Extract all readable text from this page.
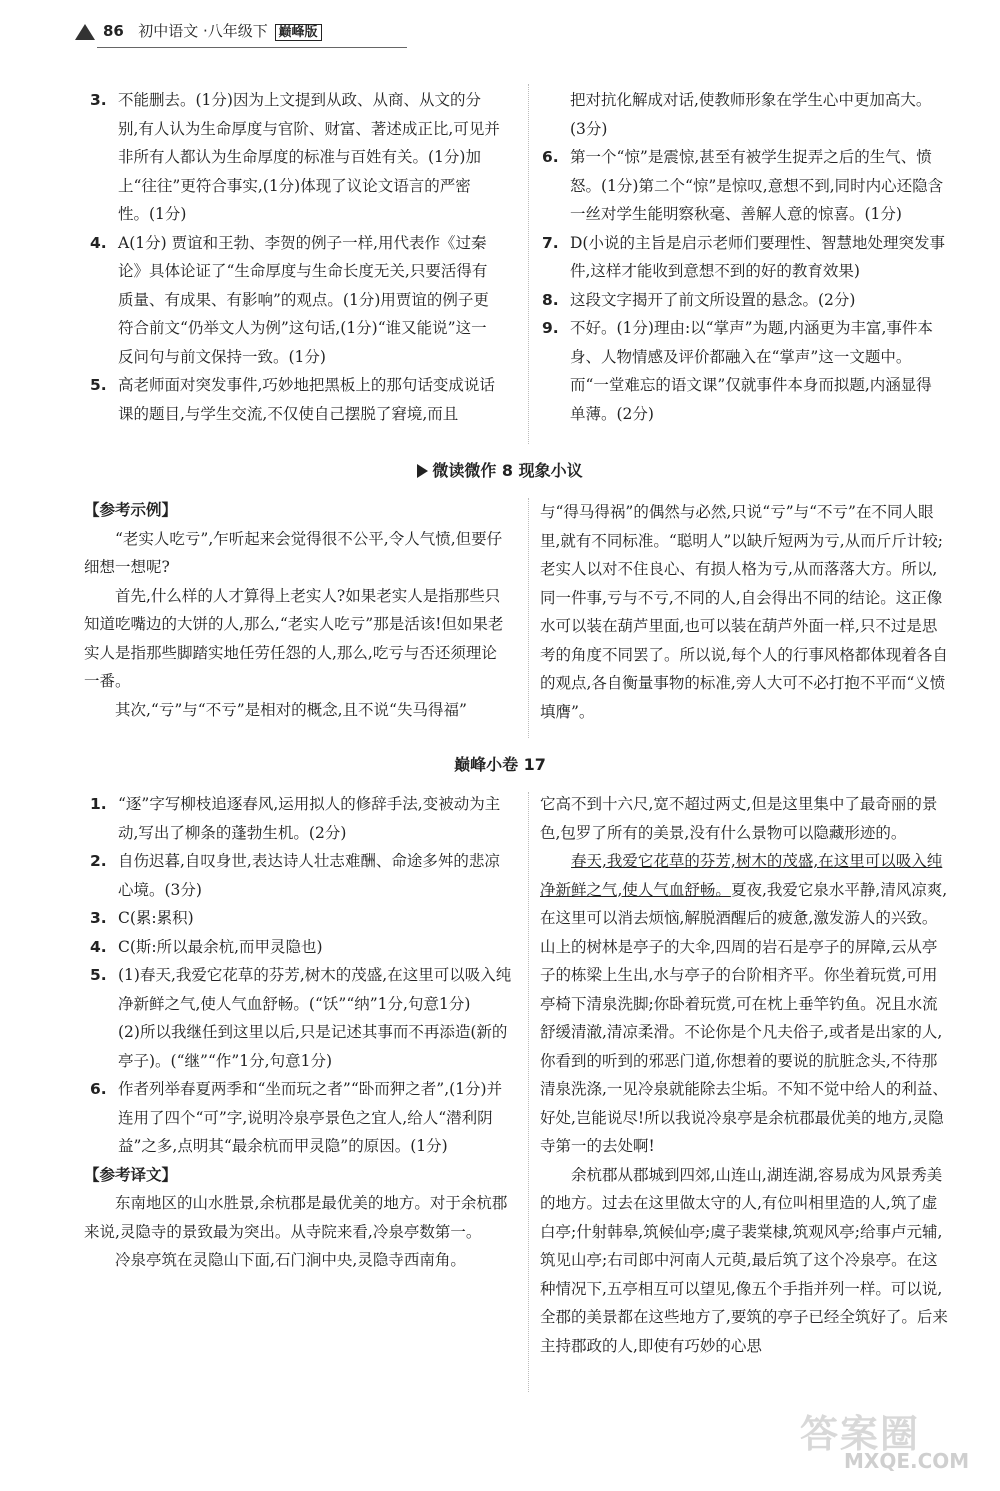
86 初中语文 ·八年级下 巅峰版
3. 不能删去。(1分)因为上文提到从政、从商、从文的分别,有人认为生命厚度与官阶、财富、著述成正比,可见并非所有人都认为生命厚度的标准与百姓有关。(1分)加上“往往”更符合事实,(1分)体现了议论文语言的严密性。(1分)
4. A(1分) 贾谊和王勃、李贺的例子一样,用代表作《过秦论》具体论证了“生命厚度与生命长度无关,只要活得有质量、有成果、有影响”的观点。(1分)用贾谊的例子更符合前文“仍举文人为例”这句话,(1分)“谁又能说”这一反问句与前文保持一致。(1分)
5. 高老师面对突发事件,巧妙地把黑板上的那句话变成说话课的题目,与学生交流,不仅使自己摆脱了窘境,而且
把对抗化解成对话,使教师形象在学生心中更加高大。(3分)
6. 第一个“惊”是震惊,甚至有被学生捉弄之后的生气、愤怒。(1分)第二个“惊”是惊叹,意想不到,同时内心还隐含一丝对学生能明察秋毫、善解人意的惊喜。(1分)
7. D(小说的主旨是启示老师们要理性、智慧地处理突发事件,这样才能收到意想不到的好的教育效果)
8. 这段文字揭开了前文所设置的悬念。(2分)
9. 不好。(1分)理由:以“掌声”为题,内涵更为丰富,事件本身、人物情感及评价都融入在“掌声”这一文题中。而“一堂难忘的语文课”仅就事件本身而拟题,内涵显得单薄。(2分)
微读微作 8 现象小议
【参考示例】
“老实人吃亏”,乍听起来会觉得很不公平,令人气愤,但要仔细想一想呢?
首先,什么样的人才算得上老实人?如果老实人是指那些只知道吃嘴边的大饼的人,那么,“老实人吃亏”那是活该!但如果老实人是指那些脚踏实地任劳任怨的人,那么,吃亏与否还须理论一番。
其次,“亏”与“不亏”是相对的概念,且不说“失马得福”
与“得马得祸”的偶然与必然,只说“亏”与“不亏”在不同人眼里,就有不同标准。“聪明人”以缺斤短两为亏,从而斤斤计较;老实人以对不住良心、有损人格为亏,从而落落大方。所以,同一件事,亏与不亏,不同的人,自会得出不同的结论。这正像水可以装在葫芦里面,也可以装在葫芦外面一样,只不过是思考的角度不同罢了。所以说,每个人的行事风格都体现着各自的观点,各自衡量事物的标准,旁人大可不必打抱不平而“义愤填膺”。
巅峰小卷 17
1. “逐”字写柳枝追逐春风,运用拟人的修辞手法,变被动为主动,写出了柳条的蓬勃生机。(2分)
2. 自伤迟暮,自叹身世,表达诗人壮志难酬、命途多舛的悲凉心境。(3分)
3. C(累:累积)
4. C(斯:所以最余杭,而甲灵隐也)
5. (1)春天,我爱它花草的芬芳,树木的茂盛,在这里可以吸入纯净新鲜之气,使人气血舒畅。(“饫”“纳”1分,句意1分)
(2)所以我继任到这里以后,只是记述其事而不再添造(新的亭子)。(“继”“作”1分,句意1分)
6. 作者列举春夏两季和“坐而玩之者”“卧而狎之者”,(1分)并连用了四个“可”字,说明冷泉亭景色之宜人,给人“潜利阴益”之多,点明其“最余杭而甲灵隐”的原因。(1分)
【参考译文】
东南地区的山水胜景,余杭郡是最优美的地方。对于余杭郡来说,灵隐寺的景致最为突出。从寺院来看,冷泉亭数第一。
冷泉亭筑在灵隐山下面,石门涧中央,灵隐寺西南角。
它高不到十六尺,宽不超过两丈,但是这里集中了最奇丽的景色,包罗了所有的美景,没有什么景物可以隐藏形迹的。
春天,我爱它花草的芬芳,树木的茂盛,在这里可以吸入纯净新鲜之气,使人气血舒畅。夏夜,我爱它泉水平静,清风凉爽,在这里可以消去烦恼,解脱酒醒后的疲惫,激发游人的兴致。山上的树林是亭子的大伞,四周的岩石是亭子的屏障,云从亭子的栋梁上生出,水与亭子的台阶相齐平。你坐着玩赏,可用亭椅下清泉洗脚;你卧着玩赏,可在枕上垂竿钓鱼。况且水流舒缓清澈,清凉柔滑。不论你是个凡夫俗子,或者是出家的人,你看到的听到的邪恶门道,你想着的要说的肮脏念头,不待那清泉洗涤,一见冷泉就能除去尘垢。不知不觉中给人的利益、好处,岂能说尽!所以我说冷泉亭是余杭郡最优美的地方,灵隐寺第一的去处啊!
余杭郡从郡城到四郊,山连山,湖连湖,容易成为风景秀美的地方。过去在这里做太守的人,有位叫相里造的人,筑了虚白亭;什射韩皋,筑候仙亭;虞子裴棠棣,筑观风亭;给事卢元辅,筑见山亭;右司郎中河南人元萸,最后筑了这个冷泉亭。在这种情况下,五亭相互可以望见,像五个手指并列一样。可以说,全郡的美景都在这些地方了,要筑的亭子已经全筑好了。后来主持郡政的人,即使有巧妙的心思
答案圈
MXQE.COM
